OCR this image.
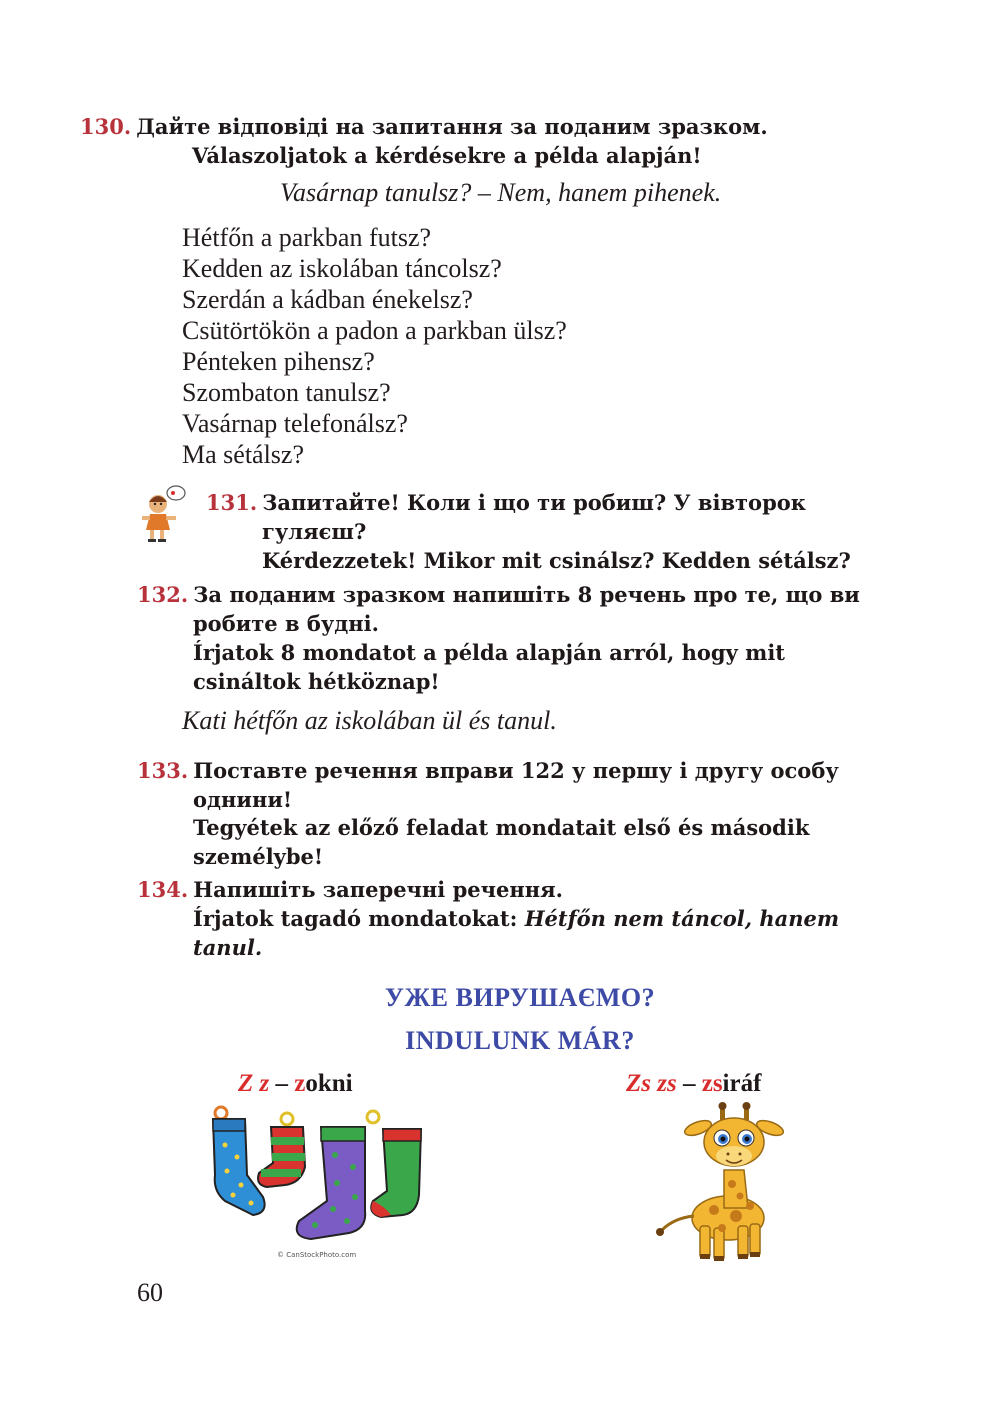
130. Дайте відповіді на запитання за поданим зразком.
Válaszoljatok a kérdésekre a példa alapján!
Vasárnap tanulsz? – Nem, hanem pihenek.
Hétfőn a parkban futsz?
Kedden az iskolában táncolsz?
Szerdán a kádban énekelsz?
Csütörtökön a padon a parkban ülsz?
Pénteken pihensz?
Szombaton tanulsz?
Vasárnap telefonálsz?
Ma sétálsz?
131. Запитайте! Коли і що ти робиш? У вівторок
гуляєш?
Kérdezzetek! Mikor mit csinálsz? Kedden sétálsz?
132. За поданим зразком напишіть 8 речень про те, що ви
робите в будні.
Írjatok 8 mondatot a példa alapján arról, hogy mit
csináltok hétköznap!
Kati hétfőn az iskolában ül és tanul.
133. Поставте речення вправи 122 у першу і другу особу
однини!
Tegyétek az előző feladat mondatait első és második
személybe!
134. Напишіть заперечні речення.
Írjatok tagadó mondatokat: Hétfőn nem táncol, hanem
tanul.
УЖЕ ВИРУШАЄМО?
INDULUNK MÁR?
Z z – zokni	Zs zs – zsiráf
© CanStockPhoto.com
60
